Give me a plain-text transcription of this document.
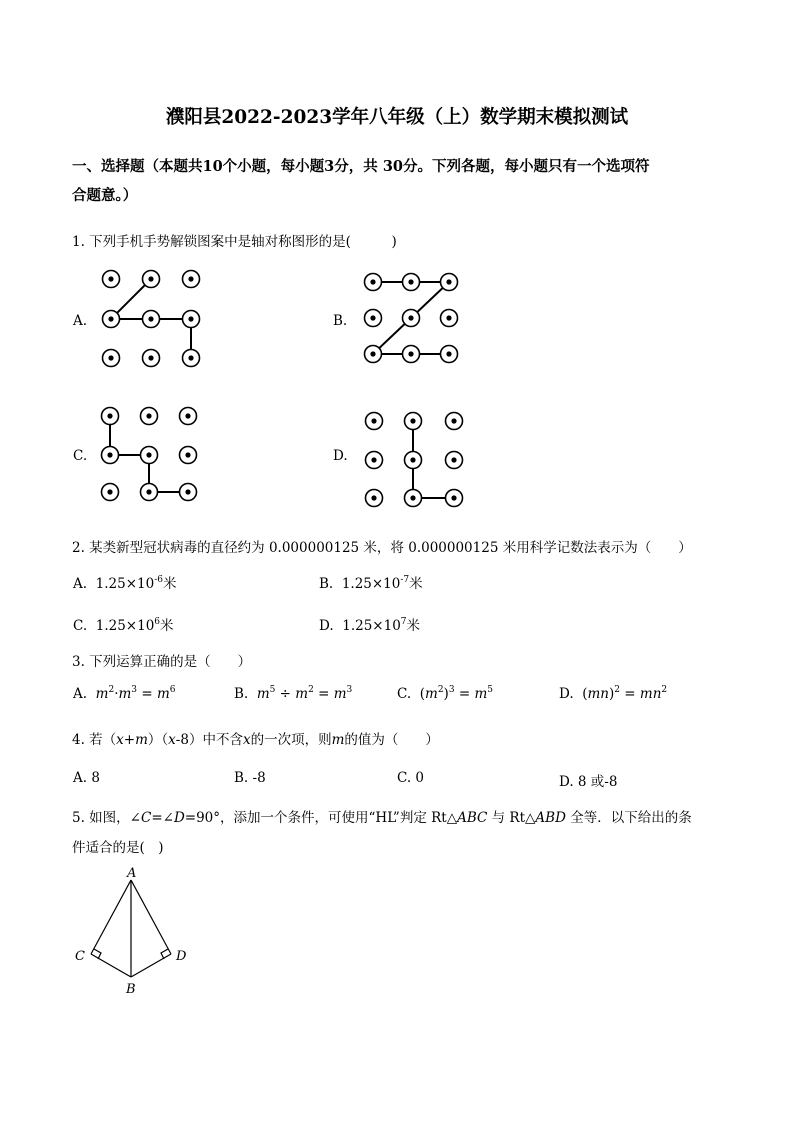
濮阳县2022-2023学年八年级（上）数学期末模拟测试
一、选择题（本题共10个小题，每小题3分，共 30分。下列各题，每小题只有一个选项符
合题意。）
1. 下列手机手势解锁图案中是轴对称图形的是(　　　)
A.	B.
C.	D.
2. 某类新型冠状病毒的直径约为 0.000000125 米，将 0.000000125 米用科学记数法表示为（　　）
A. $1.25\times 10^{-6}$米	B. $1.25\times 10^{-7}$米
C. $1.25\times 10^6$米	D. $1.25\times 10^7$米
3. 下列运算正确的是（　　）
A. $m^2\cdot m^3 = m^6$	B. $m^5 \div m^2 = m^3$	C.  $(m^2)^3 = m^5$	D.  $(mn)^2 = mn^2$
4. 若（x+m）（x-8）中不含x的一次项，则m的值为（　　）
A. 8	B. -8	C. 0	D. 8 或-8
5. 如图，∠C=∠D=90°，添加一个条件，可使用“HL”判定 Rt△ABC 与 Rt△ABD 全等．以下给出的条
件适合的是(　)
A
C	D
B
